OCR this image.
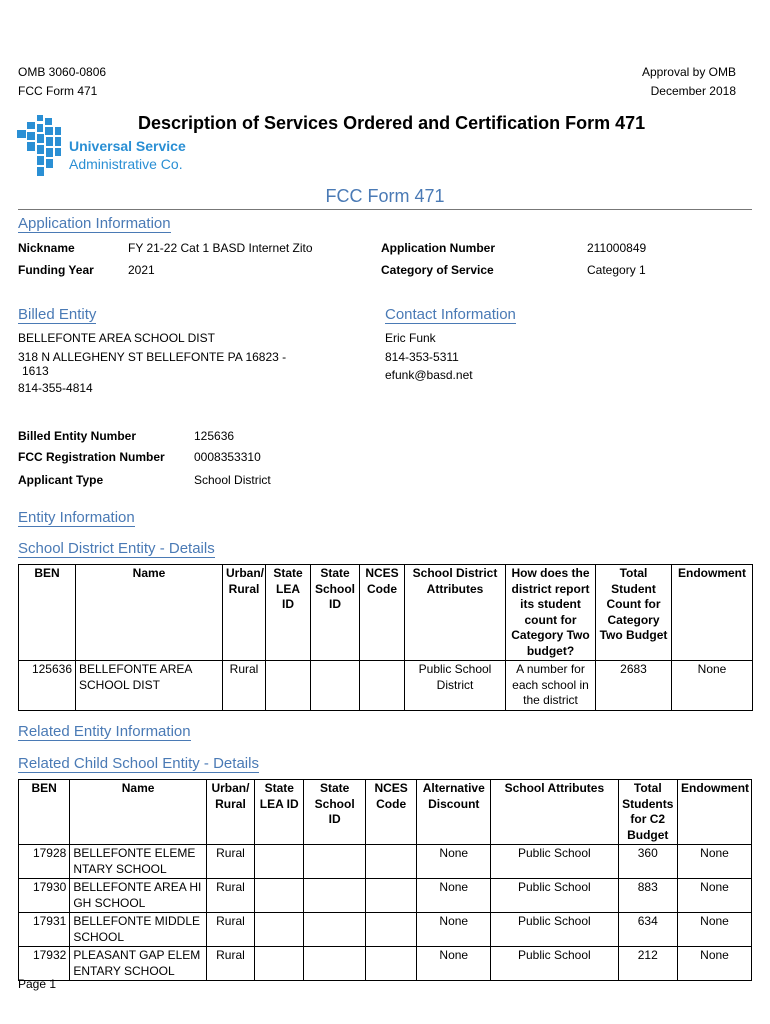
OMB 3060-0806
FCC Form 471
Approval by OMB
December 2018
Universal Service
Administrative Co.
Description of Services Ordered and Certification Form 471
FCC Form 471
Application Information
Nickname	FY 21-22 Cat 1 BASD Internet Zito	Application Number	211000849
Funding Year	2021	Category of Service	Category 1
Billed Entity
BELLEFONTE AREA SCHOOL DIST
318 N ALLEGHENY ST BELLEFONTE PA 16823 -
1613
814-355-4814
Contact Information
Eric Funk
814-353-5311
efunk@basd.net
Billed Entity Number	125636
FCC Registration Number 0008353310
Applicant Type	School District
Entity Information
School District Entity - Details
BEN	Name	Urban/ Rural	State LEA ID	State School ID	NCES Code	School District Attributes	How does the district report its student count for Category Two budget?	Total Student Count for Category Two Budget	Endowment
125636	BELLEFONTE AREA SCHOOL DIST	Rural				Public School District	A number for each school in the district	2683	None
Related Entity Information
Related Child School Entity - Details
BEN	Name	Urban/ Rural	State LEA ID	State School ID	NCES Code	Alternative Discount	School Attributes	Total Students for C2 Budget	Endowment
17928	BELLEFONTE ELEMENTARY SCHOOL	Rural				None	Public School	360	None
17930	BELLEFONTE AREA HIGH SCHOOL	Rural				None	Public School	883	None
17931	BELLEFONTE MIDDLE SCHOOL	Rural				None	Public School	634	None
17932	PLEASANT GAP ELEMENTARY SCHOOL	Rural				None	Public School	212	None
Page 1
